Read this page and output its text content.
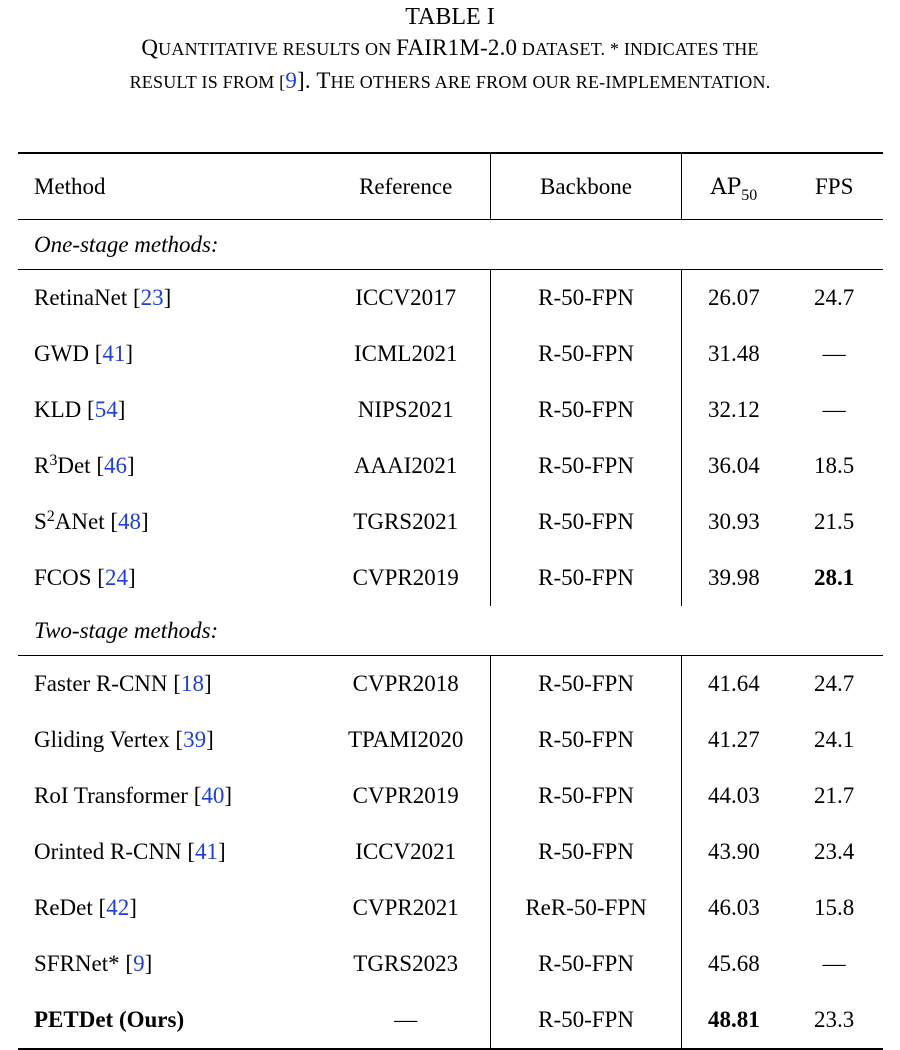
TABLE I
QUANTITATIVE RESULTS ON FAIR1M-2.0 DATASET. * INDICATES THE
RESULT IS FROM [9]. THE OTHERS ARE FROM OUR RE-IMPLEMENTATION.
Method	Reference	Backbone	$AP_{50}$	FPS
One-stage methods:				
RetinaNet [23]	ICCV2017	R-50-FPN	26.07	24.7
GWD [41]	ICML2021	R-50-FPN	31.48	—
KLD [54]	NIPS2021	R-50-FPN	32.12	—
$R^3Det$ [46]	AAAI2021	R-50-FPN	36.04	18.5
$S^2ANet$ [48]	TGRS2021	R-50-FPN	30.93	21.5
FCOS [24]	CVPR2019	R-50-FPN	39.98	28.1
Two-stage methods:				
Faster R-CNN [18]	CVPR2018	R-50-FPN	41.64	24.7
Gliding Vertex [39]	TPAMI2020	R-50-FPN	41.27	24.1
RoI Transformer [40]	CVPR2019	R-50-FPN	44.03	21.7
Orinted R-CNN [41]	ICCV2021	R-50-FPN	43.90	23.4
ReDet [42]	CVPR2021	ReR-50-FPN	46.03	15.8
SFRNet* [9]	TGRS2023	R-50-FPN	45.68	—
PETDet (Ours)	—	R-50-FPN	48.81	23.3
